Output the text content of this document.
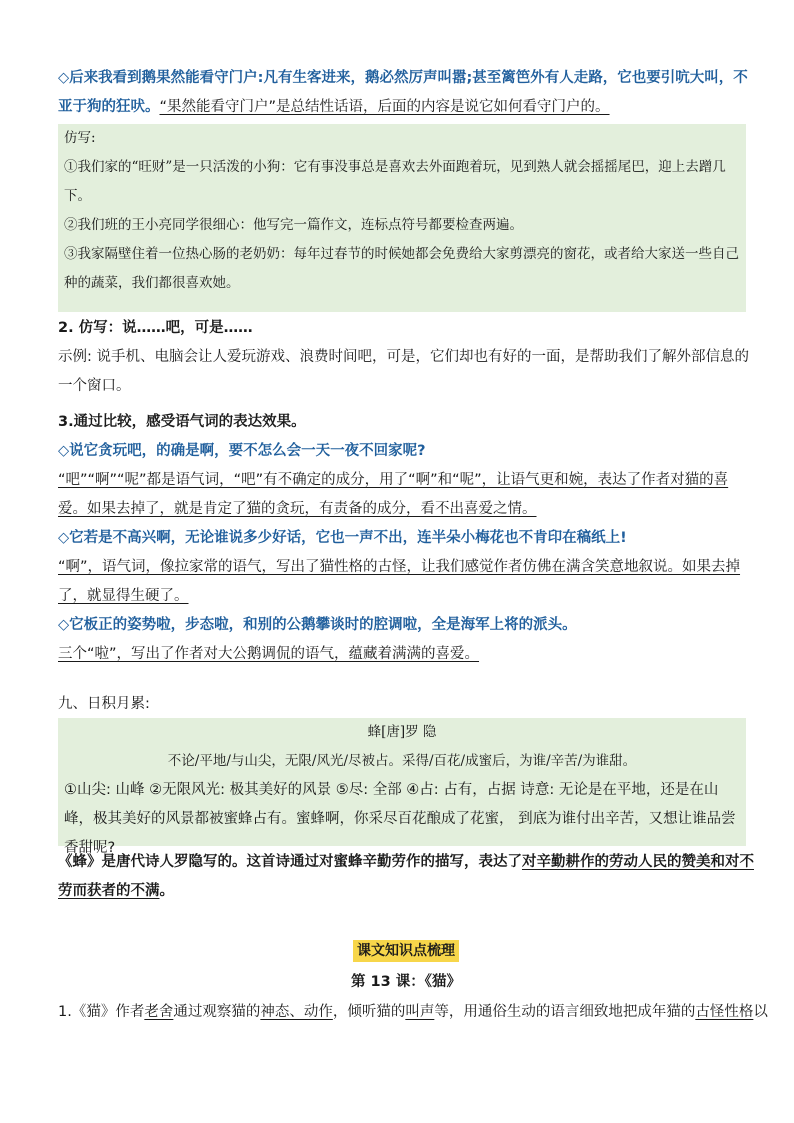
◇后来我看到鹅果然能看守门户:凡有生客进来，鹅必然厉声叫嚣;甚至篱笆外有人走路，它也要引吭大叫，不亚于狗的狂吠。“果然能看守门户”是总结性话语，后面的内容是说它如何看守门户的。
仿写:
①我们家的“旺财”是一只活泼的小狗：它有事没事总是喜欢去外面跑着玩，见到熟人就会摇摇尾巴，迎上去蹭几下。
②我们班的王小亮同学很细心：他写完一篇作文，连标点符号都要检查两遍。
③我家隔壁住着一位热心肠的老奶奶：每年过春节的时候她都会免费给大家剪漂亮的窗花，或者给大家送一些自己种的蔬菜，我们都很喜欢她。
2. 仿写：说……吧，可是……
示例: 说手机、电脑会让人爱玩游戏、浪费时间吧，可是，它们却也有好的一面，是帮助我们了解外部信息的一个窗口。
3.通过比较，感受语气词的表达效果。
◇说它贪玩吧，的确是啊，要不怎么会一天一夜不回家呢?
“吧”“啊”“呢”都是语气词，“吧”有不确定的成分，用了“啊”和“呢”，让语气更和婉，表达了作者对猫的喜爱。如果去掉了，就是肯定了猫的贪玩，有责备的成分，看不出喜爱之情。
◇它若是不高兴啊，无论谁说多少好话，它也一声不出，连半朵小梅花也不肯印在稿纸上!
“啊”，语气词，像拉家常的语气，写出了猫性格的古怪，让我们感觉作者仿佛在满含笑意地叙说。如果去掉了，就显得生硬了。
◇它板正的姿势啦，步态啦，和别的公鹅攀谈时的腔调啦，全是海军上将的派头。
三个“啦”，写出了作者对大公鹅调侃的语气，蕴藏着满满的喜爱。
九、日积月累:
蜂[唐]罗 隐
不论/平地/与山尖，无限/风光/尽被占。采得/百花/成蜜后，为谁/辛苦/为谁甜。
①山尖: 山峰 ②无限风光: 极其美好的风景 ⑤尽: 全部 ④占: 占有，占据 诗意: 无论是在平地，还是在山峰，极其美好的风景都被蜜蜂占有。蜜蜂啊，你采尽百花酿成了花蜜， 到底为谁付出辛苦，又想让谁品尝香甜呢?
《蜂》是唐代诗人罗隐写的。这首诗通过对蜜蜂辛勤劳作的描写，表达了对辛勤耕作的劳动人民的赞美和对不劳而获者的不满。
课文知识点梳理
第 13 课：《猫》
1.《猫》作者老舍通过观察猫的神态、动作，倾听猫的叫声等，用通俗生动的语言细致地把成年猫的古怪性格以
